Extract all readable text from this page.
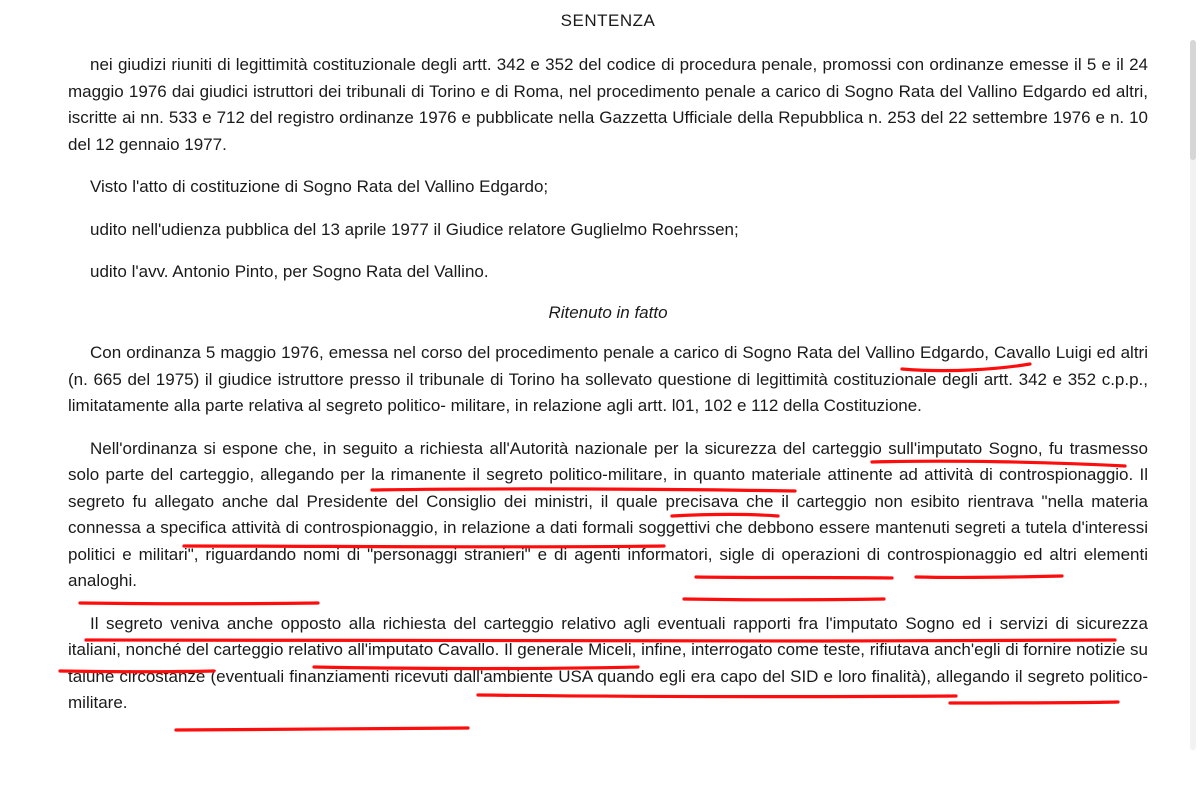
SENTENZA

nei giudizi riuniti di legittimità costituzionale degli artt. 342 e 352 del codice di procedura penale, promossi con ordinanze emesse il 5 e il 24 maggio 1976 dai giudici istruttori dei tribunali di Torino e di Roma, nel procedimento penale a carico di Sogno Rata del Vallino Edgardo ed altri, iscritte ai nn. 533 e 712 del registro ordinanze 1976 e pubblicate nella Gazzetta Ufficiale della Repubblica n. 253 del 22 settembre 1976 e n. 10 del 12 gennaio 1977.

Visto l'atto di costituzione di Sogno Rata del Vallino Edgardo;

udito nell'udienza pubblica del 13 aprile 1977 il Giudice relatore Guglielmo Roehrssen;

udito l'avv. Antonio Pinto, per Sogno Rata del Vallino.

Ritenuto in fatto

Con ordinanza 5 maggio 1976, emessa nel corso del procedimento penale a carico di Sogno Rata del Vallino Edgardo, Cavallo Luigi ed altri (n. 665 del 1975) il giudice istruttore presso il tribunale di Torino ha sollevato questione di legittimità costituzionale degli artt. 342 e 352 c.p.p., limitatamente alla parte relativa al segreto politico- militare, in relazione agli artt. l01, 102 e 112 della Costituzione.

Nell'ordinanza si espone che, in seguito a richiesta all'Autorità nazionale per la sicurezza del carteggio sull'imputato Sogno, fu trasmesso solo parte del carteggio, allegando per la rimanente il segreto politico-militare, in quanto materiale attinente ad attività di controspionaggio. Il segreto fu allegato anche dal Presidente del Consiglio dei ministri, il quale precisava che il carteggio non esibito rientrava "nella materia connessa a specifica attività di controspionaggio, in relazione a dati formali soggettivi che debbono essere mantenuti segreti a tutela d'interessi politici e militari", riguardando nomi di "personaggi stranieri" e di agenti informatori, sigle di operazioni di controspionaggio ed altri elementi analoghi.

Il segreto veniva anche opposto alla richiesta del carteggio relativo agli eventuali rapporti fra l'imputato Sogno ed i servizi di sicurezza italiani, nonché del carteggio relativo all'imputato Cavallo. Il generale Miceli, infine, interrogato come teste, rifiutava anch'egli di fornire notizie su talune circostanze (eventuali finanziamenti ricevuti dall'ambiente USA quando egli era capo del SID e loro finalità), allegando il segreto politico-militare.
